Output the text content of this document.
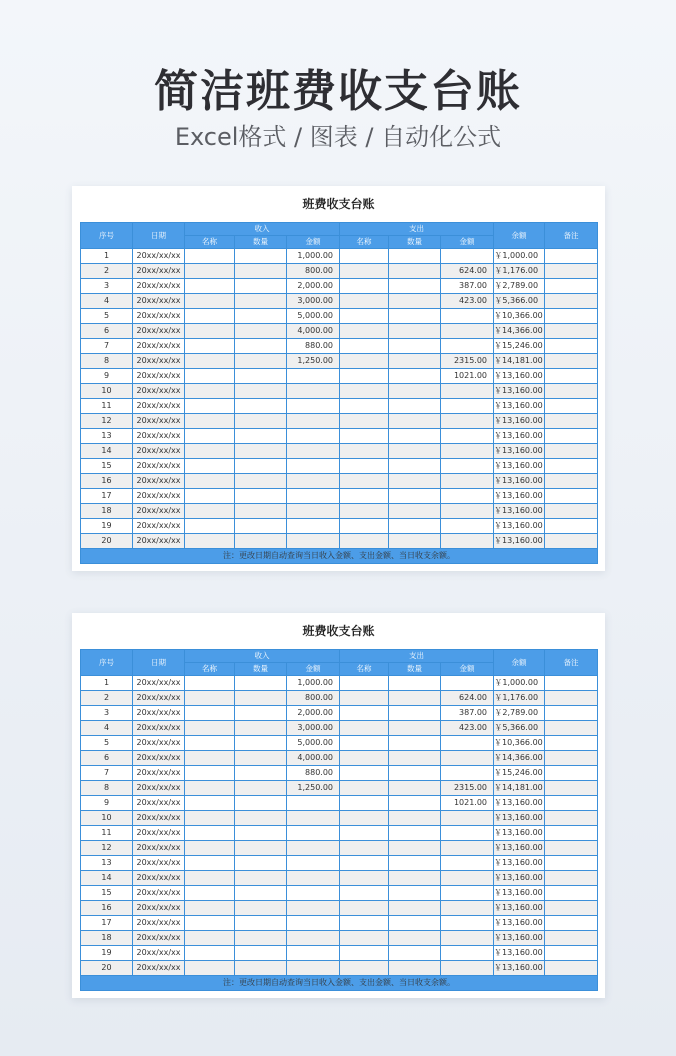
简洁班费收支台账
Excel格式 / 图表 / 自动化公式
班费收支台账
序号	日期	收入			支出			余额	备注
		名称	数量	金额	名称	数量	金额		
1	20xx/xx/xx			1,000.00				￥1,000.00	
2	20xx/xx/xx			800.00			624.00	￥1,176.00	
3	20xx/xx/xx			2,000.00			387.00	￥2,789.00	
4	20xx/xx/xx			3,000.00			423.00	￥5,366.00	
5	20xx/xx/xx			5,000.00				￥10,366.00	
6	20xx/xx/xx			4,000.00				￥14,366.00	
7	20xx/xx/xx			880.00				￥15,246.00	
8	20xx/xx/xx			1,250.00			2315.00	￥14,181.00	
9	20xx/xx/xx						1021.00	￥13,160.00	
10	20xx/xx/xx							￥13,160.00	
11	20xx/xx/xx							￥13,160.00	
12	20xx/xx/xx							￥13,160.00	
13	20xx/xx/xx							￥13,160.00	
14	20xx/xx/xx							￥13,160.00	
15	20xx/xx/xx							￥13,160.00	
16	20xx/xx/xx							￥13,160.00	
17	20xx/xx/xx							￥13,160.00	
18	20xx/xx/xx							￥13,160.00	
19	20xx/xx/xx							￥13,160.00	
20	20xx/xx/xx							￥13,160.00	
注：更改日期自动查询当日收入金额、支出金额、当日收支余额。									
班费收支台账
序号	日期	收入			支出			余额	备注
		名称	数量	金额	名称	数量	金额		
1	20xx/xx/xx			1,000.00				￥1,000.00	
2	20xx/xx/xx			800.00			624.00	￥1,176.00	
3	20xx/xx/xx			2,000.00			387.00	￥2,789.00	
4	20xx/xx/xx			3,000.00			423.00	￥5,366.00	
5	20xx/xx/xx			5,000.00				￥10,366.00	
6	20xx/xx/xx			4,000.00				￥14,366.00	
7	20xx/xx/xx			880.00				￥15,246.00	
8	20xx/xx/xx			1,250.00			2315.00	￥14,181.00	
9	20xx/xx/xx						1021.00	￥13,160.00	
10	20xx/xx/xx							￥13,160.00	
11	20xx/xx/xx							￥13,160.00	
12	20xx/xx/xx							￥13,160.00	
13	20xx/xx/xx							￥13,160.00	
14	20xx/xx/xx							￥13,160.00	
15	20xx/xx/xx							￥13,160.00	
16	20xx/xx/xx							￥13,160.00	
17	20xx/xx/xx							￥13,160.00	
18	20xx/xx/xx							￥13,160.00	
19	20xx/xx/xx							￥13,160.00	
20	20xx/xx/xx							￥13,160.00	
注：更改日期自动查询当日收入金额、支出金额、当日收支余额。									
